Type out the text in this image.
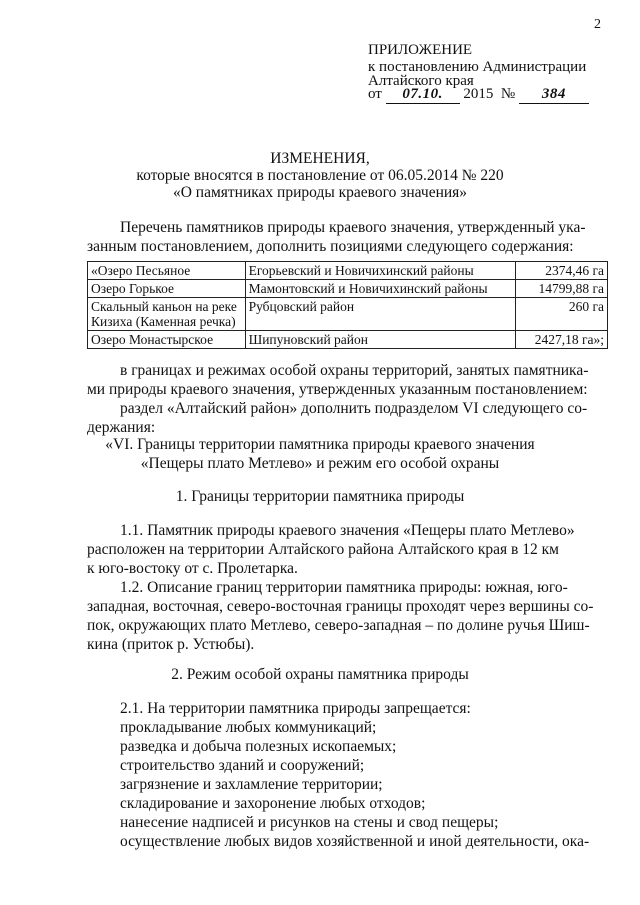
2
ПРИЛОЖЕНИЕ
к постановлению Администрации
Алтайского края
от 07.10. 2015 № 384
ИЗМЕНЕНИЯ,
которые вносятся в постановление от 06.05.2014 № 220
«О памятниках природы краевого значения»
Перечень памятников природы краевого значения, утвержденный ука-
занным постановлением, дополнить позициями следующего содержания:
«Озеро Песьяное	Егорьевский и Новичихинский районы	2374,46 га
Озеро Горькое	Мамонтовский и Новичихинский районы	14799,88 га
Скальный каньон на реке Кизиха (Каменная речка)	Рубцовский район	260 га
Озеро Монастырское	Шипуновский район	2427,18 га»;
в границах и режимах особой охраны территорий, занятых памятника-
ми природы краевого значения, утвержденных указанным постановлением:
раздел «Алтайский район» дополнить подразделом VI следующего со-
держания:
«VI. Границы территории памятника природы краевого значения
«Пещеры плато Метлево» и режим его особой охраны
1. Границы территории памятника природы
1.1. Памятник природы краевого значения «Пещеры плато Метлево»
расположен на территории Алтайского района Алтайского края в 12 км
к юго-востоку от с. Пролетарка.
1.2. Описание границ территории памятника природы: южная, юго-
западная, восточная, северо-восточная границы проходят через вершины со-
пок, окружающих плато Метлево, северо-западная – по долине ручья Шиш-
кина (приток р. Устюбы).
2. Режим особой охраны памятника природы
2.1. На территории памятника природы запрещается:
прокладывание любых коммуникаций;
разведка и добыча полезных ископаемых;
строительство зданий и сооружений;
загрязнение и захламление территории;
складирование и захоронение любых отходов;
нанесение надписей и рисунков на стены и свод пещеры;
осуществление любых видов хозяйственной и иной деятельности, ока-
